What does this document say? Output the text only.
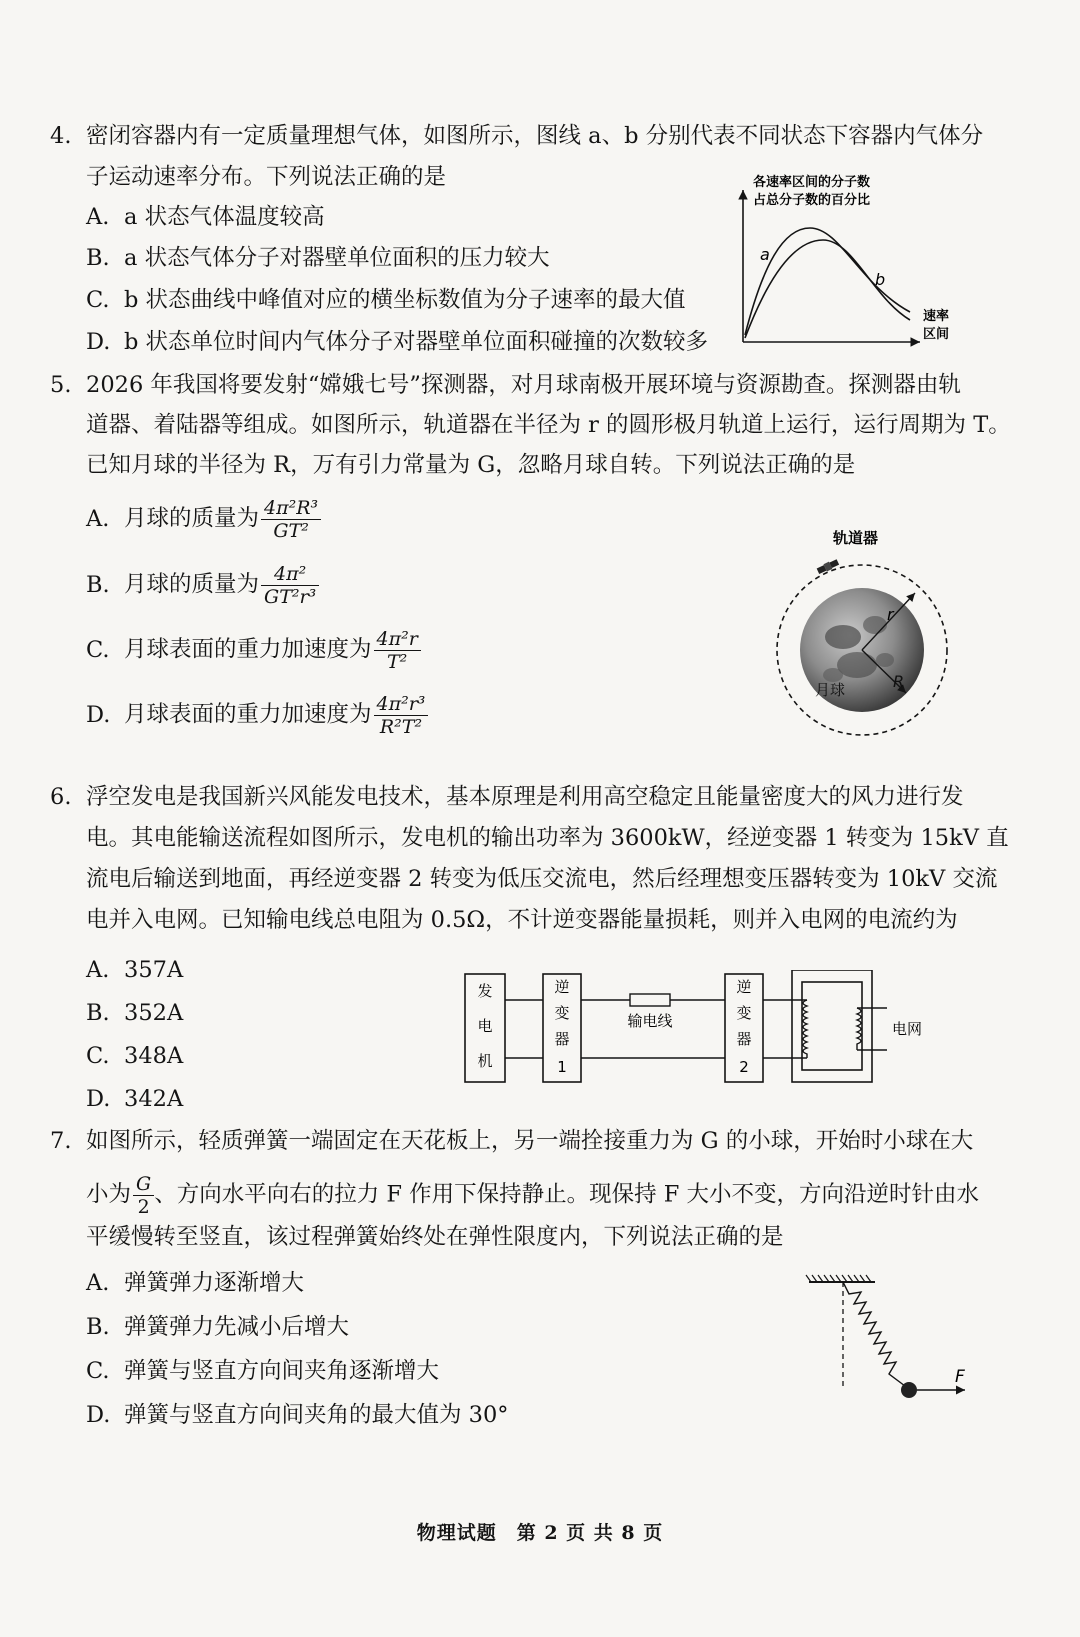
4. 密闭容器内有一定质量理想气体，如图所示，图线 a、b 分别代表不同状态下容器内气体分
子运动速率分布。下列说法正确的是
A. a 状态气体温度较高
B. a 状态气体分子对器壁单位面积的压力较大
C. b 状态曲线中峰值对应的横坐标数值为分子速率的最大值
D. b 状态单位时间内气体分子对器壁单位面积碰撞的次数较多
各速率区间的分子数
占总分子数的百分比
速率
区间
a
b
5. 2026 年我国将要发射“嫦娥七号”探测器，对月球南极开展环境与资源勘查。探测器由轨
道器、着陆器等组成。如图所示，轨道器在半径为 r 的圆形极月轨道上运行，运行周期为 T。
已知月球的半径为 R，万有引力常量为 G，忽略月球自转。下列说法正确的是
A. 月球的质量为 $\frac{\text{4π²R³}}{\text{GT²}}$
B. 月球的质量为 $\frac{\text{4π²}}{\text{GT²r³}}$
C. 月球表面的重力加速度为 $\frac{\text{4π²r}}{\text{T²}}$
D. 月球表面的重力加速度为 $\frac{\text{4π²r³}}{\text{R²T²}}$
轨道器
r
R
月球
6. 浮空发电是我国新兴风能发电技术，基本原理是利用高空稳定且能量密度大的风力进行发
电。其电能输送流程如图所示，发电机的输出功率为 3600kW，经逆变器 1 转变为 15kV 直
流电后输送到地面，再经逆变器 2 转变为低压交流电，然后经理想变压器转变为 10kV 交流
电并入电网。已知输电线总电阻为 0.5Ω，不计逆变器能量损耗，则并入电网的电流约为
A. 357A
B. 352A
C. 348A
D. 342A
发
电
机
逆
变
器
1
输电线
逆
变
器
2
电网
7. 如图所示，轻质弹簧一端固定在天花板上，另一端拴接重力为 G 的小球，开始时小球在大
小为 $\frac{G}{2}$ 、方向水平向右的拉力 F 作用下保持静止。现保持 F 大小不变，方向沿逆时针由水
平缓慢转至竖直，该过程弹簧始终处在弹性限度内，下列说法正确的是
A. 弹簧弹力逐渐增大
B. 弹簧弹力先减小后增大
C. 弹簧与竖直方向间夹角逐渐增大
D. 弹簧与竖直方向间夹角的最大值为 30°
F
物理试题　第 2 页 共 8 页
